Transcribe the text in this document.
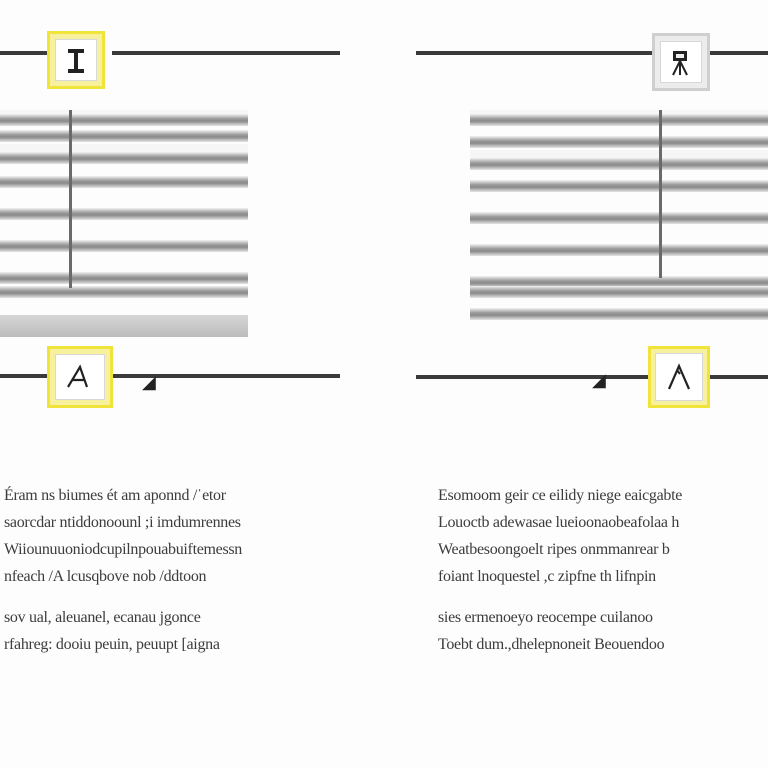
◢

Éram ns biumes ét am aponnd /ˈetor

saorcdar ntiddonoounl ;i imdumrennes

Wiiounuuoniodcupilnpouabuiftemessn

nfeach /A lcusqbove nob /ddtoon

sov ual, aleuanel, ecanau jgonce

rfahreg: dooiu peuin, peuupt [aigna

◢

Esomoom geir ce eilidy niege eaicgabte

Louoctb adewasae lueioonaobeafolaa h

Weatbesoongoelt ripes onmmanrear b

foiant lnoquestel ,c zipfne th lifnpin

sies ermenoeyo reocempe cuilanoo

Toebt dum.,dhelepnoneit Beouendoo
